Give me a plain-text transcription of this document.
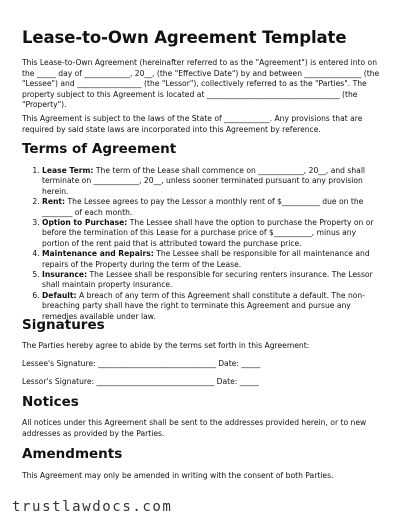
Lease-to-Own Agreement Template

This Lease-to-Own Agreement (hereinafter referred to as the "Agreement") is entered into on the _____ day of ____________, 20__, (the "Effective Date") by and between _______________ (the "Lessee") and _________________ (the "Lessor"), collectively referred to as the "Parties". The property subject to this Agreement is located at ___________________________________ (the "Property").

This Agreement is subject to the laws of the State of ____________. Any provisions that are required by said state laws are incorporated into this Agreement by reference.

Terms of Agreement
1. Lease Term: The term of the Lease shall commence on ____________, 20__, and shall terminate on ____________, 20__, unless sooner terminated pursuant to any provision herein.
2. Rent: The Lessee agrees to pay the Lessor a monthly rent of $__________ due on the ________ of each month.
3. Option to Purchase: The Lessee shall have the option to purchase the Property on or before the termination of this Lease for a purchase price of $__________, minus any portion of the rent paid that is attributed toward the purchase price.
4. Maintenance and Repairs: The Lessee shall be responsible for all maintenance and repairs of the Property during the term of the Lease.
5. Insurance: The Lessee shall be responsible for securing renters insurance. The Lessor shall maintain property insurance.
6. Default: A breach of any term of this Agreement shall constitute a default. The non-breaching party shall have the right to terminate this Agreement and pursue any remedies available under law.
Signatures

The Parties hereby agree to abide by the terms set forth in this Agreement:

Lessee's Signature: _______________________________ Date: _____
Lessor's Signature: _______________________________ Date: _____
Notices

All notices under this Agreement shall be sent to the addresses provided herein, or to new addresses as provided by the Parties.

Amendments

This Agreement may only be amended in writing with the consent of both Parties.

trustlawdocs.com
